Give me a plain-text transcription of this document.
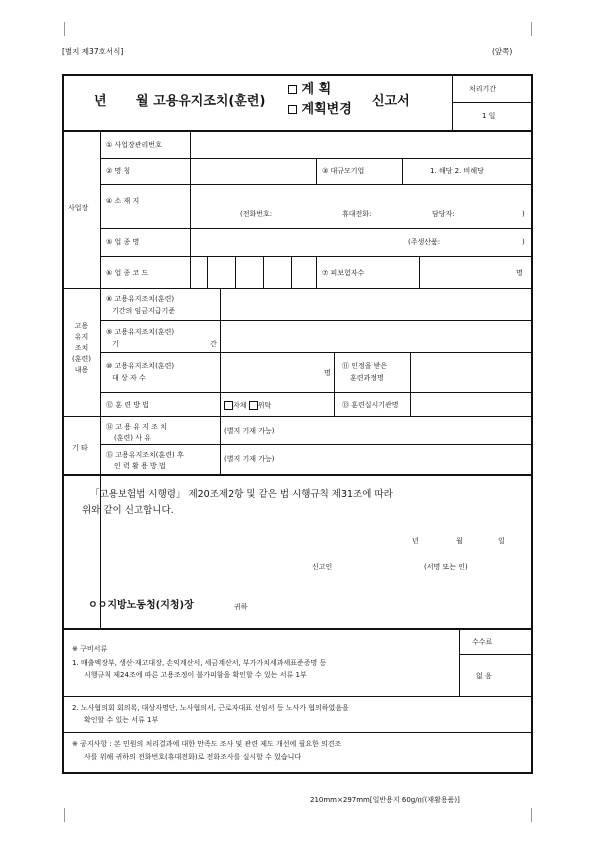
[별지 제37호서식]	(앞쪽)
년 월 고용유지조치(훈련)
계 획
계획변경
신고서
처리기간
1 일
사업장
① 사업장관리번호
② 명 칭	③ 대규모기업	1. 해당 2. 비해당
④ 소 재 지
(전화번호:	휴대전화:	담당자:	)
⑤ 업 종 명	(주생산품:	)
⑥ 업 종 코 드	⑦ 피보험자수	명
고용
유지
조치
(훈련)
내용
⑧ 고용유지조치(훈련)
기간의 임금지급기준
⑨ 고용유지조치(훈련)
기	간
⑩ 고용유지조치(훈련)
대 상 자 수
명
⑪ 인정을 받은
훈련과정명
⑫ 훈 련 방 법	자체 위탁	⑬ 훈련실시기관명
기 타
⑭ 고 용 유 지 조 치
(훈련) 사 유
(별지 기재 가능)
⑮ 고용유지조치(훈련) 후
인 력 활 용 방 법
(별지 기재 가능)
「고용보험법 시행령」 제20조제2항 및 같은 법 시행규칙 제31조에 따라
위와 같이 신고합니다.
년	월	일
신고인	(서명 또는 인)
ㅇㅇ지방노동청(지청)장	귀하
수수료
없 음
※ 구비서류
1. 매출액장부, 생산·재고대장, 손익계산서, 세금계산서, 부가가치세과세표준증명 등
시행규칙 제24조에 따른 고용조정이 불가피함을 확인할 수 있는 서류 1부
2. 노사협의회 회의록, 대상자명단, 노사협의서, 근로자대표 선임서 등 노사가 협의하였음을
확인할 수 있는 서류 1부
※ 공지사항 : 본 민원의 처리결과에 대한 만족도 조사 및 관련 제도 개선에 필요한 의견조
사를 위해 귀하의 전화번호(휴대전화)로 전화조사를 실시할 수 있습니다
210mm×297mm[일반용지 60g/㎡(재활용품)]
